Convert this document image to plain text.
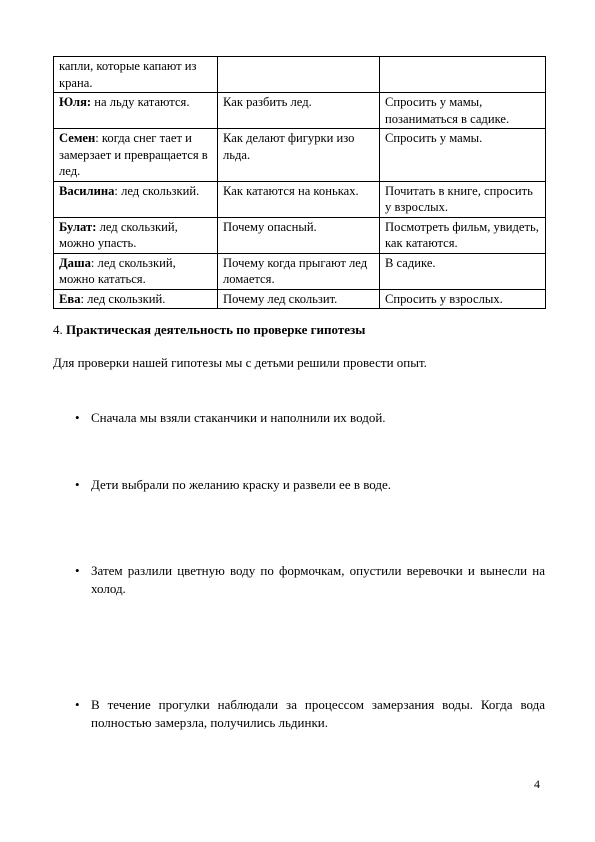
капли, которые капают из крана.		
Юля: на льду катаются.	Как разбить лед.	Спросить у мамы, позаниматься в садике.
Семен: когда снег тает и замерзает и превращается в лед.	Как делают фигурки изо льда.	Спросить у мамы.
Василина: лед скользкий.	Как катаются на коньках.	Почитать в книге, спросить у взрослых.
Булат: лед скользкий, можно упасть.	Почему опасный.	Посмотреть фильм, увидеть, как катаются.
Даша: лед скользкий, можно кататься.	Почему когда прыгают лед ломается.	В садике.
Ева: лед скользкий.	Почему лед скользит.	Спросить у взрослых.
4. Практическая деятельность по проверке гипотезы
Для проверки нашей гипотезы мы с детьми решили провести опыт.
• Сначала мы взяли стаканчики и наполнили их водой.
• Дети выбрали по желанию краску и развели ее в воде.
• Затем разлили цветную воду по формочкам, опустили веревочки и вынесли на холод.
• В течение прогулки наблюдали за процессом замерзания воды. Когда вода полностью замерзла, получились льдинки.
4
